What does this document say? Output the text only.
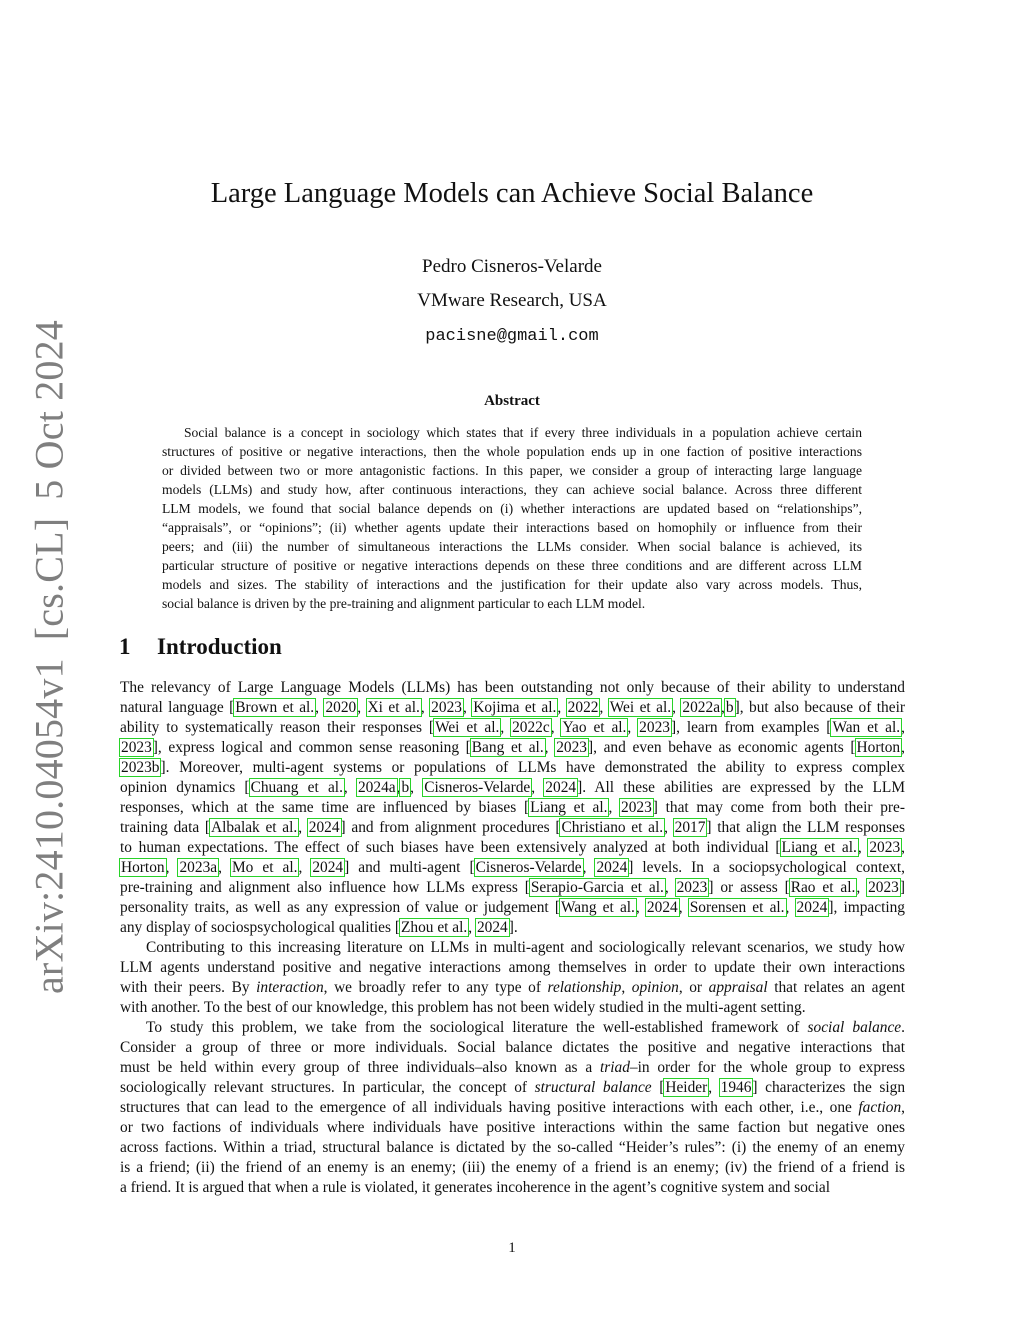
arXiv:2410.04054v1[cs.CL]5 Oct 2024
Large Language Models can Achieve Social Balance
Pedro Cisneros-Velarde
VMware Research, USA
pacisne@gmail.com
Abstract
Social balance is a concept in sociology which states that if every three individuals in a population achieve certain
structures of positive or negative interactions, then the whole population ends up in one faction of positive interactions
or divided between two or more antagonistic factions. In this paper, we consider a group of interacting large language
models (LLMs) and study how, after continuous interactions, they can achieve social balance. Across three different
LLM models, we found that social balance depends on (i) whether interactions are updated based on “relationships”,
“appraisals”, or “opinions”; (ii) whether agents update their interactions based on homophily or influence from their
peers; and (iii) the number of simultaneous interactions the LLMs consider. When social balance is achieved, its
particular structure of positive or negative interactions depends on these three conditions and are different across LLM
models and sizes. The stability of interactions and the justification for their update also vary across models. Thus,
social balance is driven by the pre-training and alignment particular to each LLM model.
1 Introduction
The relevancy of Large Language Models (LLMs) has been outstanding not only because of their ability to understand
natural language [Brown et al., 2020, Xi et al., 2023, Kojima et al., 2022, Wei et al., 2022a,b], but also because of their
ability to systematically reason their responses [Wei et al., 2022c, Yao et al., 2023], learn from examples [Wan et al.,
2023], express logical and common sense reasoning [Bang et al., 2023], and even behave as economic agents [Horton,
2023b]. Moreover, multi-agent systems or populations of LLMs have demonstrated the ability to express complex
opinion dynamics [Chuang et al., 2024a,b, Cisneros-Velarde, 2024]. All these abilities are expressed by the LLM
responses, which at the same time are influenced by biases [Liang et al., 2023] that may come from both their pre-
training data [Albalak et al., 2024] and from alignment procedures [Christiano et al., 2017] that align the LLM responses
to human expectations. The effect of such biases have been extensively analyzed at both individual [Liang et al., 2023,
Horton, 2023a, Mo et al., 2024] and multi-agent [Cisneros-Velarde, 2024] levels. In a sociopsychological context,
pre-training and alignment also influence how LLMs express [Serapio-Garcia et al., 2023] or assess [Rao et al., 2023]
personality traits, as well as any expression of value or judgement [Wang et al., 2024, Sorensen et al., 2024], impacting
any display of sociospsychological qualities [Zhou et al., 2024].
Contributing to this increasing literature on LLMs in multi-agent and sociologically relevant scenarios, we study how
LLM agents understand positive and negative interactions among themselves in order to update their own interactions
with their peers. By interaction, we broadly refer to any type of relationship, opinion, or appraisal that relates an agent
with another. To the best of our knowledge, this problem has not been widely studied in the multi-agent setting.
To study this problem, we take from the sociological literature the well-established framework of social balance.
Consider a group of three or more individuals. Social balance dictates the positive and negative interactions that
must be held within every group of three individuals–also known as a triad–in order for the whole group to express
sociologically relevant structures. In particular, the concept of structural balance [Heider, 1946] characterizes the sign
structures that can lead to the emergence of all individuals having positive interactions with each other, i.e., one faction,
or two factions of individuals where individuals have positive interactions within the same faction but negative ones
across factions. Within a triad, structural balance is dictated by the so-called “Heider’s rules”: (i) the enemy of an enemy
is a friend; (ii) the friend of an enemy is an enemy; (iii) the enemy of a friend is an enemy; (iv) the friend of a friend is
a friend. It is argued that when a rule is violated, it generates incoherence in the agent’s cognitive system and social
1
